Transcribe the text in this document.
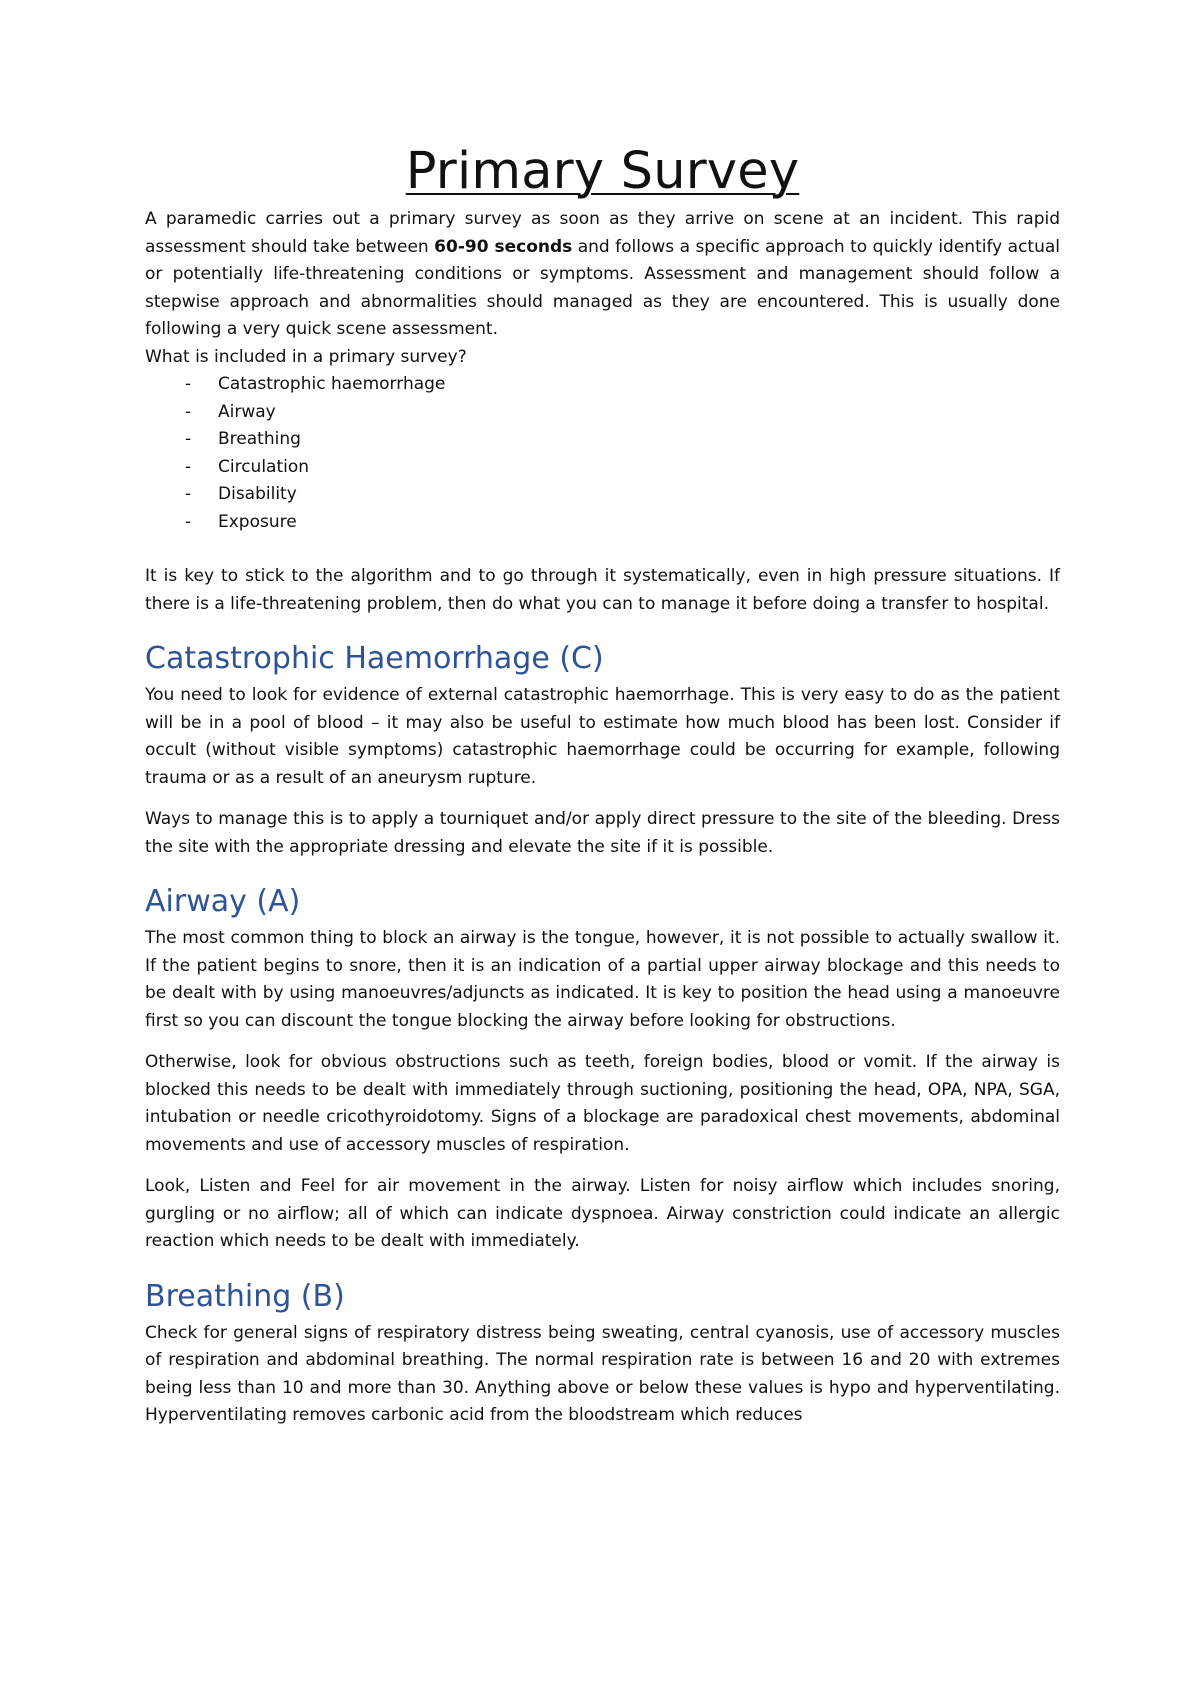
Primary Survey

A paramedic carries out a primary survey as soon as they arrive on scene at an incident. This rapid assessment should take between 60-90 seconds and follows a specific approach to quickly identify actual or potentially life-threatening conditions or symptoms. Assessment and management should follow a stepwise approach and abnormalities should managed as they are encountered. This is usually done following a very quick scene assessment.

What is included in a primary survey?

- Catastrophic haemorrhage
- Airway
- Breathing
- Circulation
- Disability
- Exposure

It is key to stick to the algorithm and to go through it systematically, even in high pressure situations. If there is a life-threatening problem, then do what you can to manage it before doing a transfer to hospital.

Catastrophic Haemorrhage (C)

You need to look for evidence of external catastrophic haemorrhage. This is very easy to do as the patient will be in a pool of blood – it may also be useful to estimate how much blood has been lost. Consider if occult (without visible symptoms) catastrophic haemorrhage could be occurring for example, following trauma or as a result of an aneurysm rupture.

Ways to manage this is to apply a tourniquet and/or apply direct pressure to the site of the bleeding. Dress the site with the appropriate dressing and elevate the site if it is possible.

Airway (A)

The most common thing to block an airway is the tongue, however, it is not possible to actually swallow it. If the patient begins to snore, then it is an indication of a partial upper airway blockage and this needs to be dealt with by using manoeuvres/adjuncts as indicated. It is key to position the head using a manoeuvre first so you can discount the tongue blocking the airway before looking for obstructions.

Otherwise, look for obvious obstructions such as teeth, foreign bodies, blood or vomit. If the airway is blocked this needs to be dealt with immediately through suctioning, positioning the head, OPA, NPA, SGA, intubation or needle cricothyroidotomy. Signs of a blockage are paradoxical chest movements, abdominal movements and use of accessory muscles of respiration.

Look, Listen and Feel for air movement in the airway. Listen for noisy airflow which includes snoring, gurgling or no airflow; all of which can indicate dyspnoea. Airway constriction could indicate an allergic reaction which needs to be dealt with immediately.

Breathing (B)

Check for general signs of respiratory distress being sweating, central cyanosis, use of accessory muscles of respiration and abdominal breathing. The normal respiration rate is between 16 and 20 with extremes being less than 10 and more than 30. Anything above or below these values is hypo and hyperventilating. Hyperventilating removes carbonic acid from the bloodstream which reduces
